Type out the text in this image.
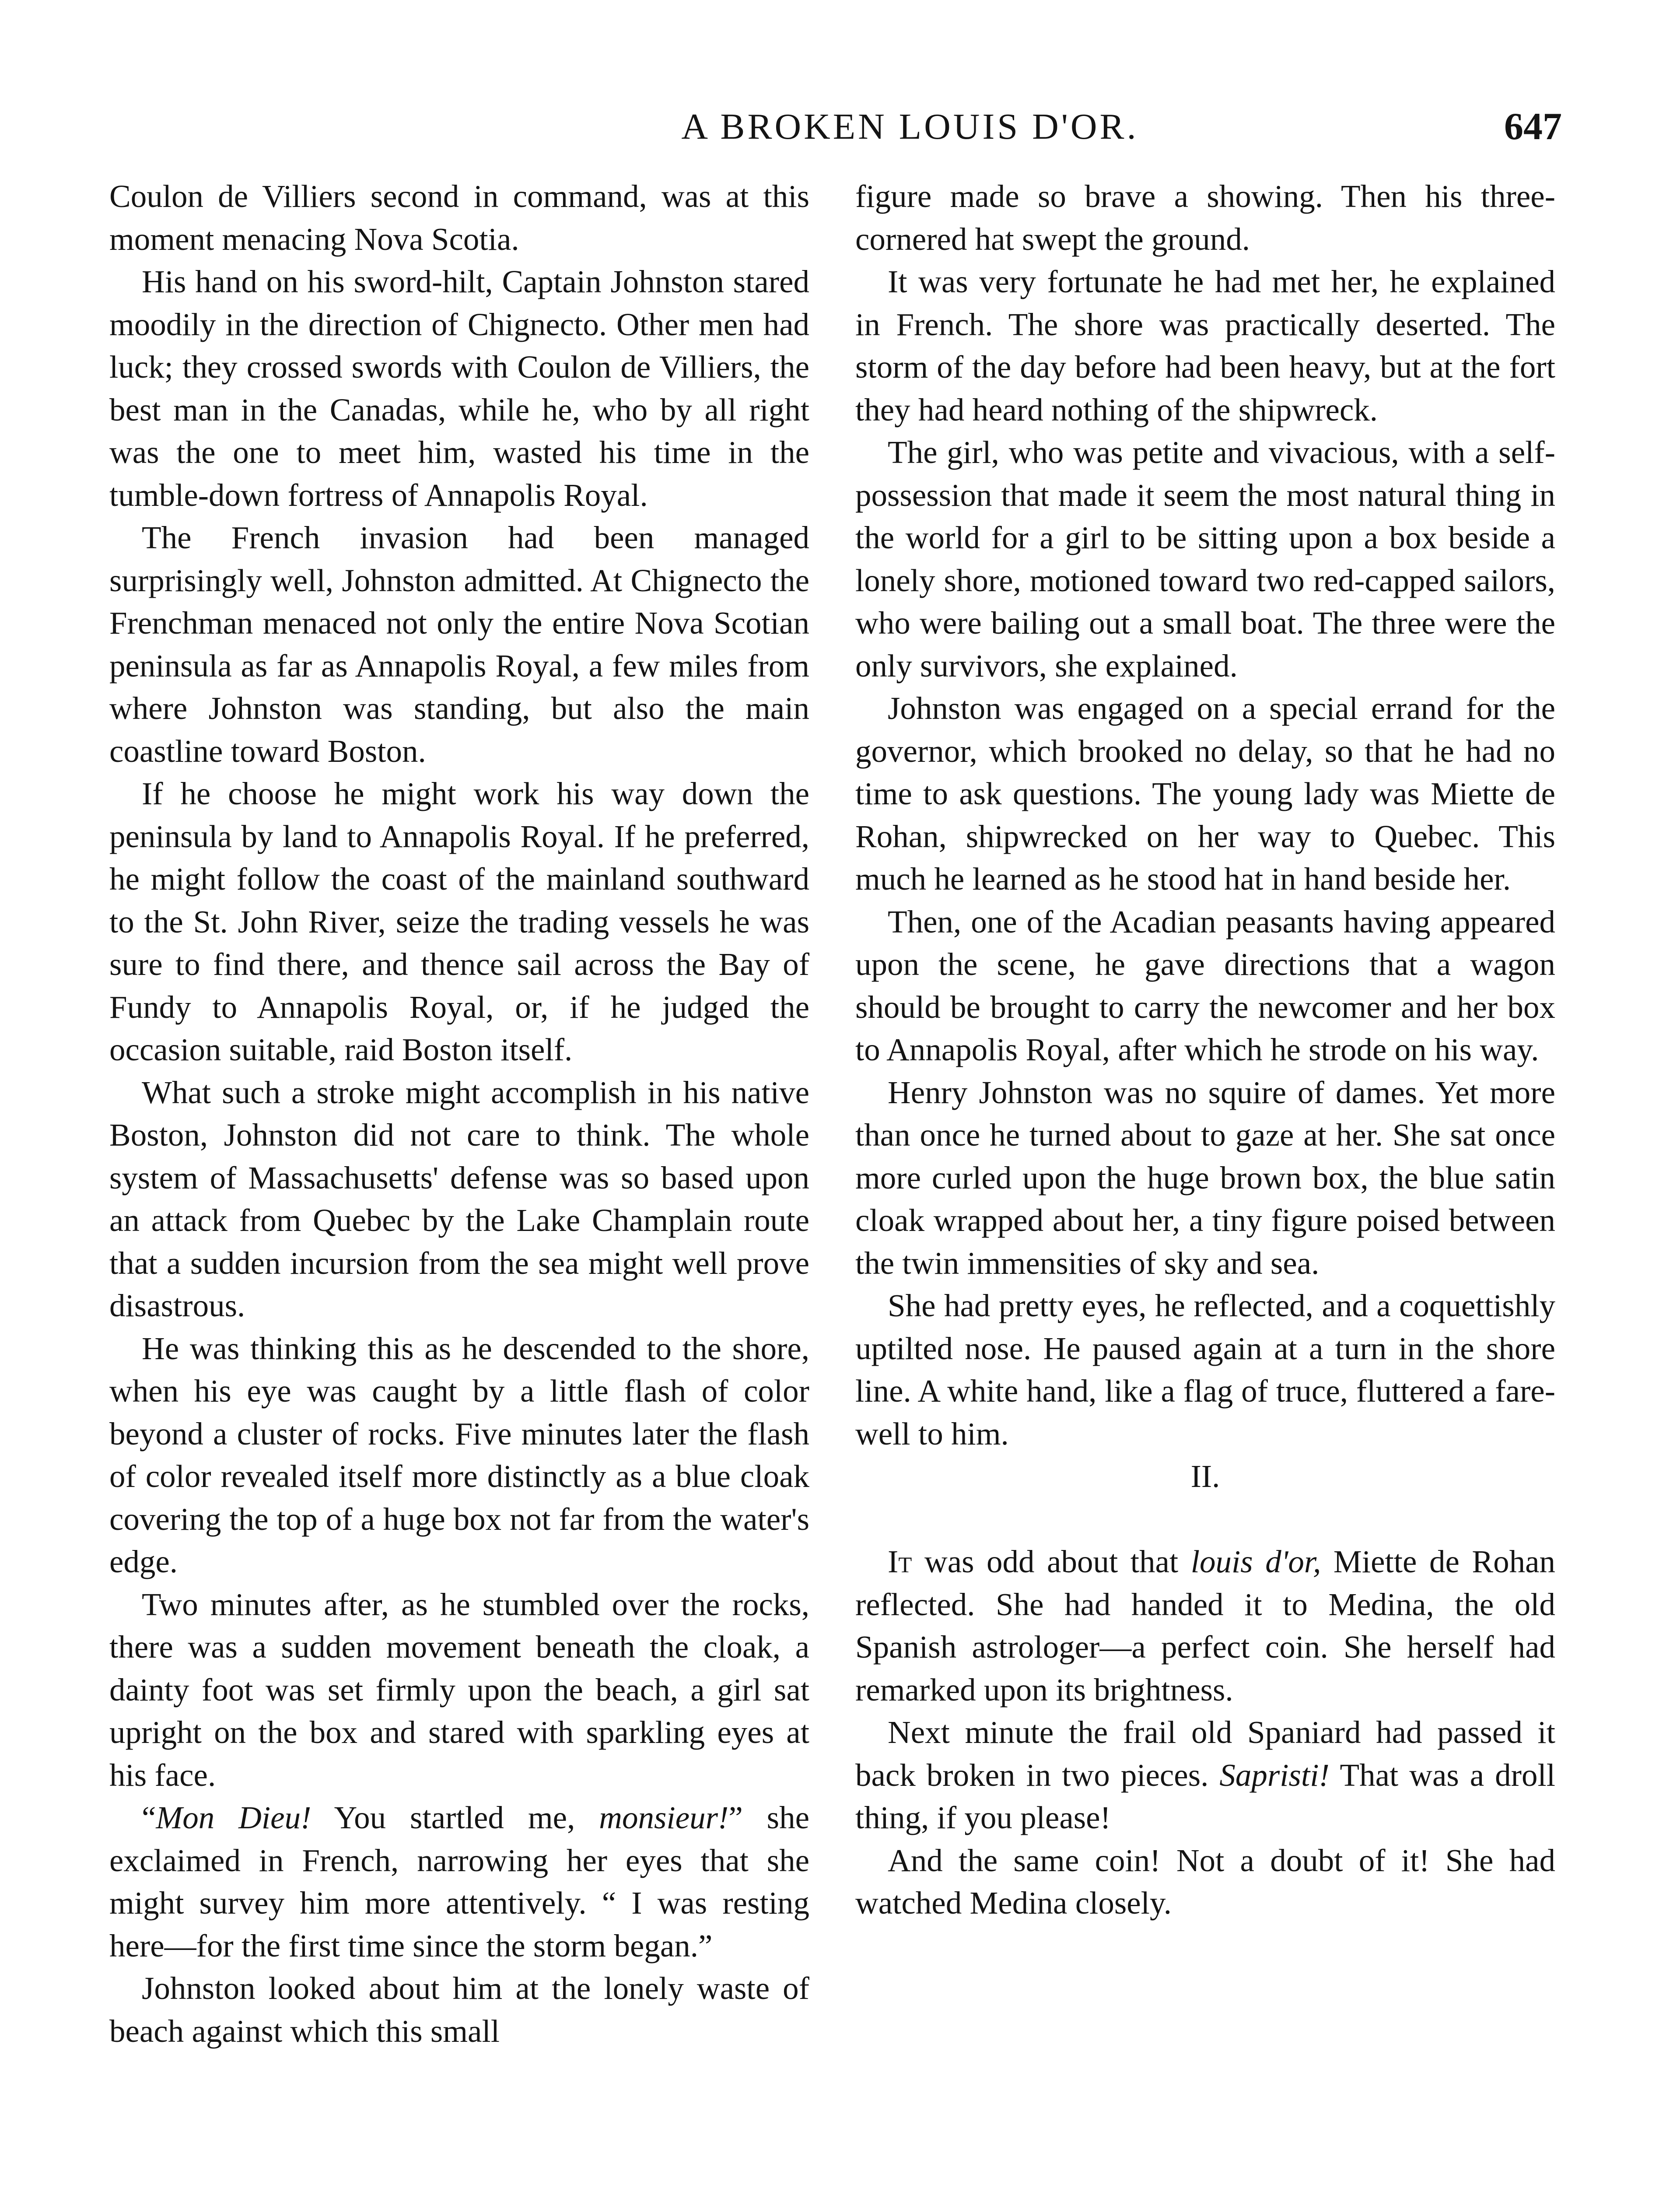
A BROKEN LOUIS D'OR.	647

Coulon de Villiers second in command, was at this moment menacing Nova Scotia.

His hand on his sword-hilt, Captain Johnston stared moodily in the direction of Chignecto. Other men had luck; they crossed swords with Coulon de Villiers, the best man in the Canadas, while he, who by all right was the one to meet him, wasted his time in the tumble-down fortress of Annapolis Royal.

The French invasion had been managed surprisingly well, Johnston admitted. At Chignecto the Frenchman menaced not only the entire Nova Scotian peninsula as far as Annapolis Royal, a few miles from where Johnston was standing, but also the main coastline toward Boston.

If he choose he might work his way down the peninsula by land to Annapolis Royal. If he preferred, he might follow the coast of the mainland southward to the St. John River, seize the trading vessels he was sure to find there, and thence sail across the Bay of Fundy to Annapolis Royal, or, if he judged the occasion suitable, raid Boston itself.

What such a stroke might accomplish in his native Boston, Johnston did not care to think. The whole system of Massachusetts' defense was so based upon an attack from Quebec by the Lake Champlain route that a sudden incursion from the sea might well prove disastrous.

He was thinking this as he descended to the shore, when his eye was caught by a little flash of color beyond a cluster of rocks. Five minutes later the flash of color revealed itself more distinctly as a blue cloak covering the top of a huge box not far from the water's edge.

Two minutes after, as he stumbled over the rocks, there was a sudden movement beneath the cloak, a dainty foot was set firmly upon the beach, a girl sat upright on the box and stared with sparkling eyes at his face.

“Mon Dieu! You startled me, monsieur!” she exclaimed in French, narrowing her eyes that she might survey him more attentively. “ I was resting here—for the first time since the storm began.”

Johnston looked about him at the lonely waste of beach against which this small

figure made so brave a showing. Then his three-cornered hat swept the ground.

It was very fortunate he had met her, he explained in French. The shore was practically deserted. The storm of the day before had been heavy, but at the fort they had heard nothing of the shipwreck.

The girl, who was petite and vivacious, with a self-possession that made it seem the most natural thing in the world for a girl to be sitting upon a box beside a lonely shore, motioned toward two red-capped sailors, who were bailing out a small boat. The three were the only survivors, she explained.

Johnston was engaged on a special errand for the governor, which brooked no delay, so that he had no time to ask questions. The young lady was Miette de Rohan, shipwrecked on her way to Quebec. This much he learned as he stood hat in hand beside her.

Then, one of the Acadian peasants having appeared upon the scene, he gave directions that a wagon should be brought to carry the newcomer and her box to Annapolis Royal, after which he strode on his way.

Henry Johnston was no squire of dames. Yet more than once he turned about to gaze at her. She sat once more curled upon the huge brown box, the blue satin cloak wrapped about her, a tiny figure poised between the twin immensities of sky and sea.

She had pretty eyes, he reflected, and a coquettishly uptilted nose. He paused again at a turn in the shore line. A white hand, like a flag of truce, fluttered a farewell to him.

II.

It was odd about that louis d'or, Miette de Rohan reflected. She had handed it to Medina, the old Spanish astrologer—a perfect coin. She herself had remarked upon its brightness.

Next minute the frail old Spaniard had passed it back broken in two pieces. Sapristi! That was a droll thing, if you please!

And the same coin! Not a doubt of it! She had watched Medina closely.
